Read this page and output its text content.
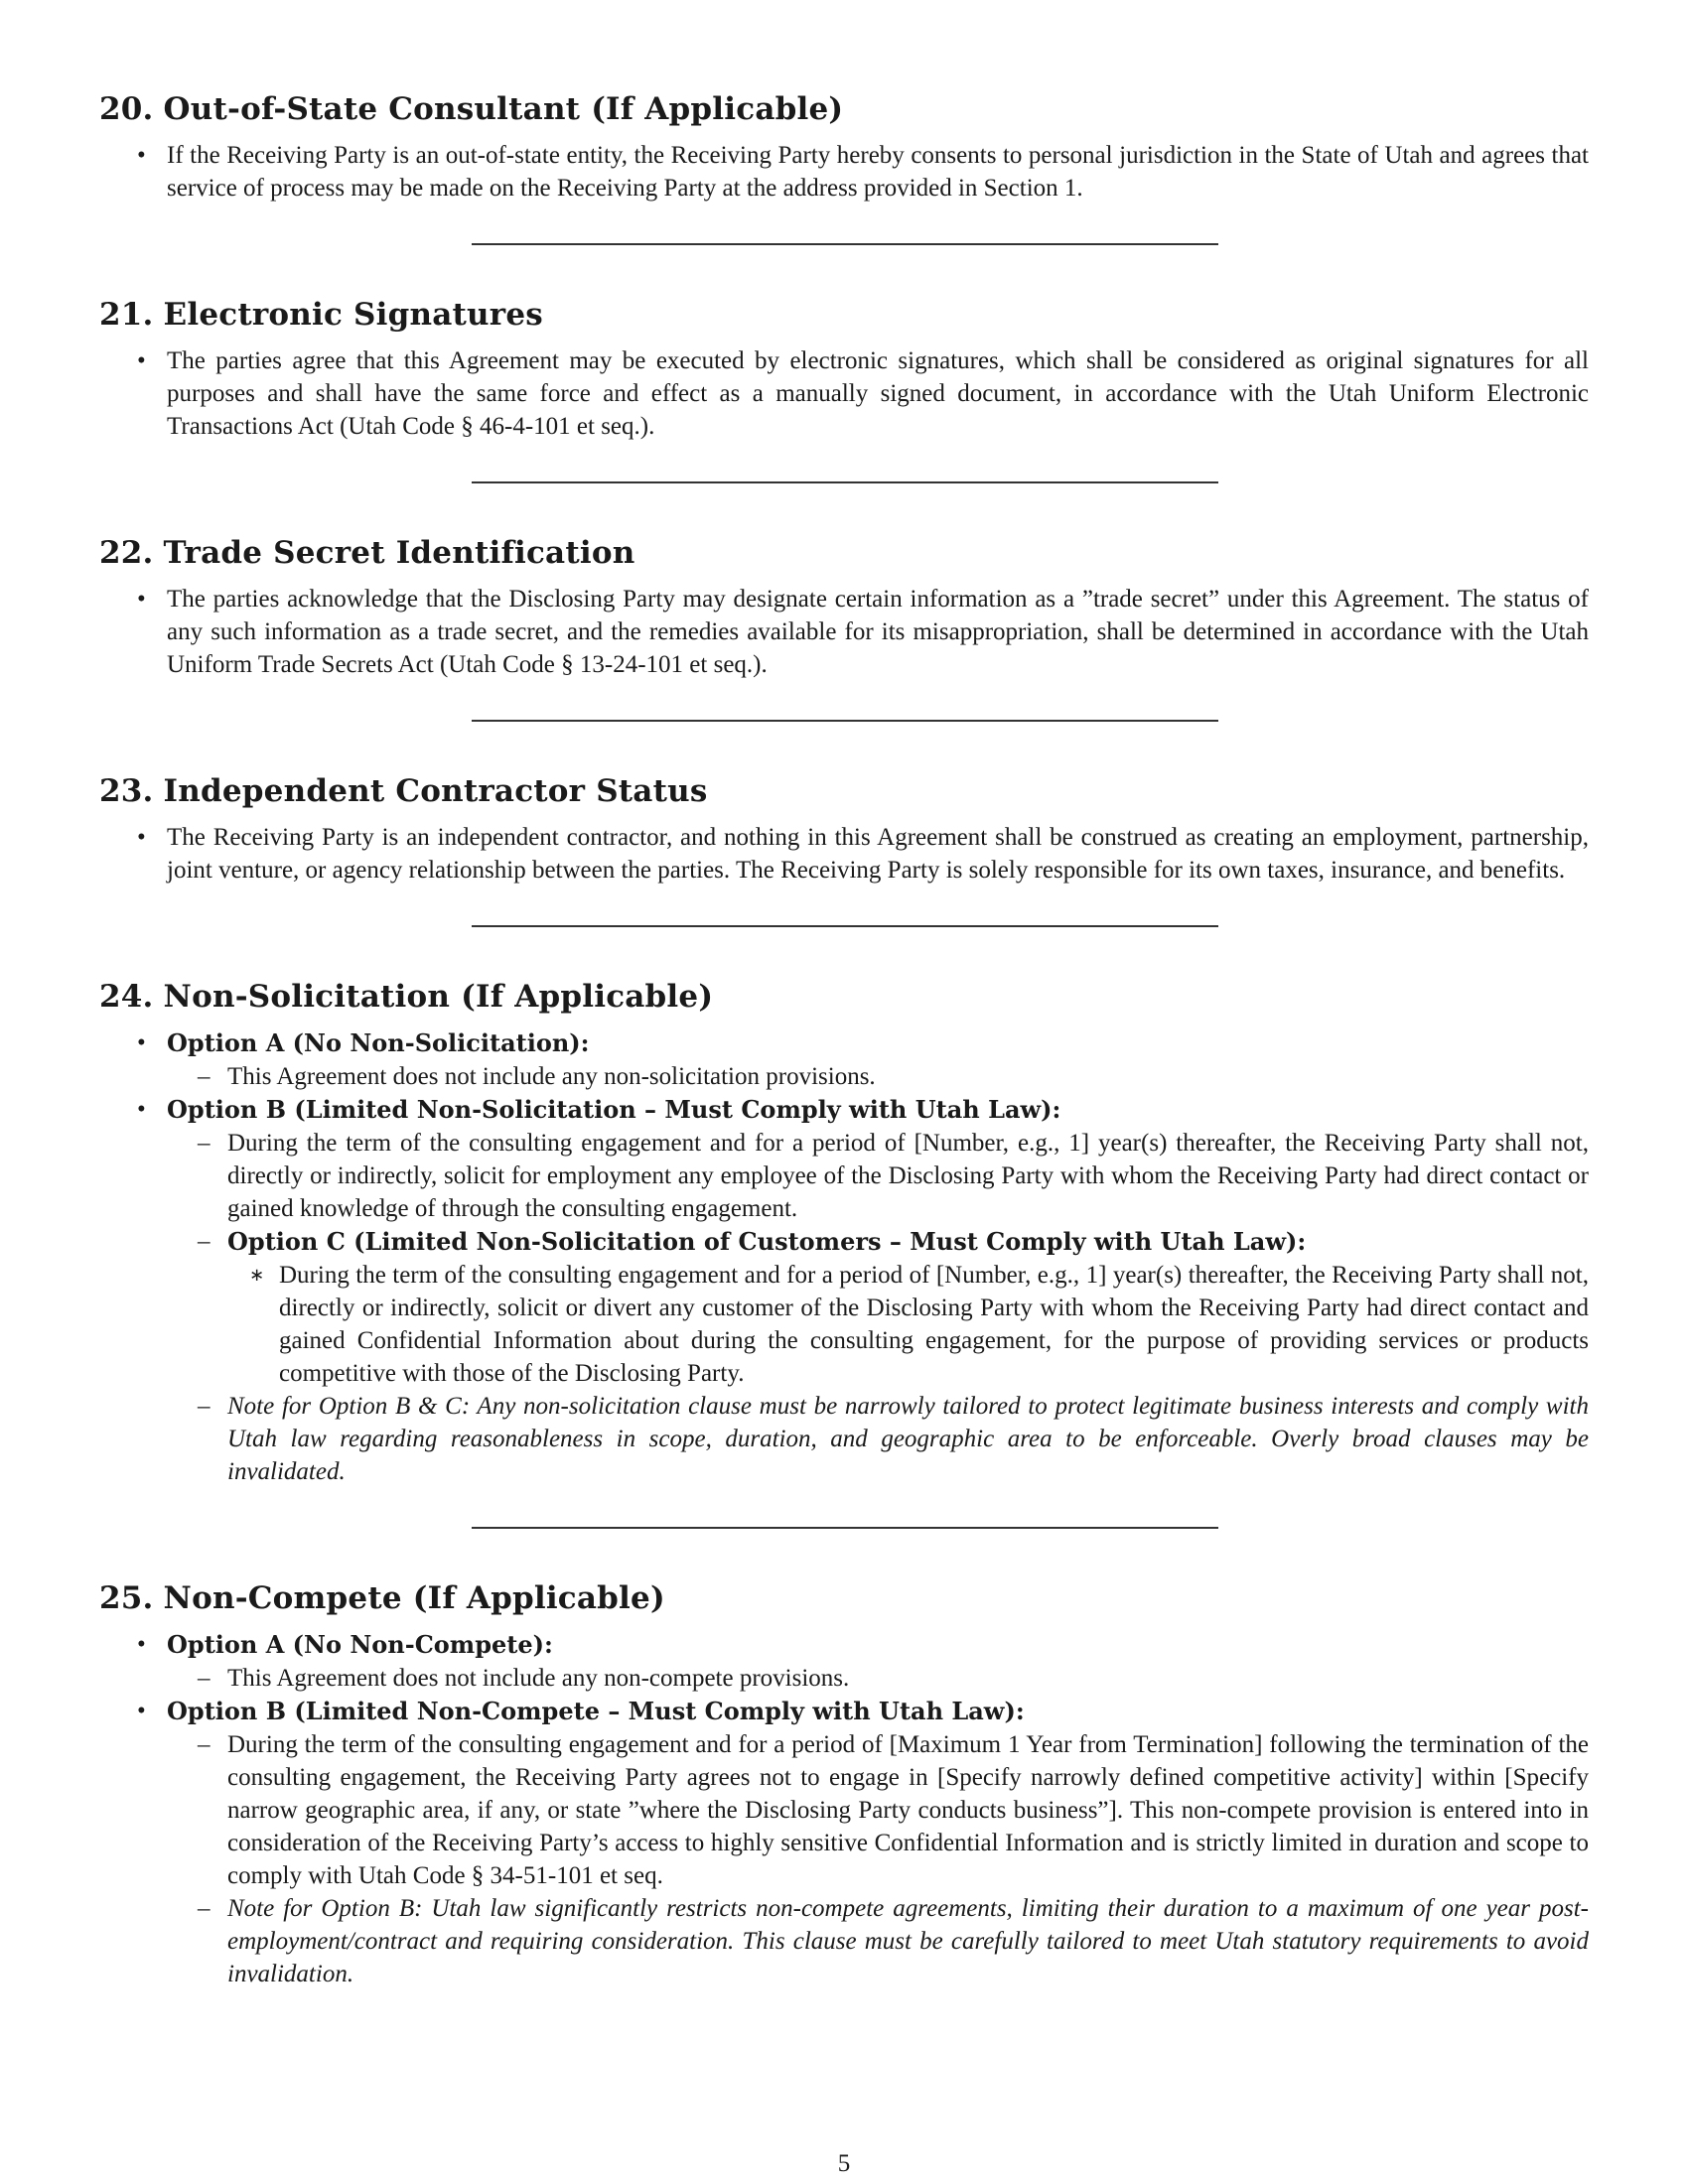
20. Out-of-State Consultant (If Applicable)
• If the Receiving Party is an out-of-state entity, the Receiving Party hereby consents to personal jurisdiction in the State of Utah and agrees that service of process may be made on the Receiving Party at the address provided in Section 1.
21. Electronic Signatures
• The parties agree that this Agreement may be executed by electronic signatures, which shall be considered as original signatures for all purposes and shall have the same force and effect as a manually signed document, in accordance with the Utah Uniform Electronic Transactions Act (Utah Code § 46-4-101 et seq.).
22. Trade Secret Identification
• The parties acknowledge that the Disclosing Party may designate certain information as a ”trade secret” under this Agreement. The status of any such information as a trade secret, and the remedies available for its misappropriation, shall be determined in accordance with the Utah Uniform Trade Secrets Act (Utah Code § 13-24-101 et seq.).
23. Independent Contractor Status
• The Receiving Party is an independent contractor, and nothing in this Agreement shall be construed as creating an employment, partnership, joint venture, or agency relationship between the parties. The Receiving Party is solely responsible for its own taxes, insurance, and benefits.
24. Non-Solicitation (If Applicable)
• Option A (No Non-Solicitation):
– This Agreement does not include any non-solicitation provisions.
• Option B (Limited Non-Solicitation – Must Comply with Utah Law):
– During the term of the consulting engagement and for a period of [Number, e.g., 1] year(s) thereafter, the Receiving Party shall not, directly or indirectly, solicit for employment any employee of the Disclosing Party with whom the Receiving Party had direct contact or gained knowledge of through the consulting engagement.
– Option C (Limited Non-Solicitation of Customers – Must Comply with Utah Law):
∗ During the term of the consulting engagement and for a period of [Number, e.g., 1] year(s) thereafter, the Receiving Party shall not, directly or indirectly, solicit or divert any customer of the Disclosing Party with whom the Receiving Party had direct contact and gained Confidential Information about during the consulting engagement, for the purpose of providing services or products competitive with those of the Disclosing Party.
– Note for Option B & C: Any non-solicitation clause must be narrowly tailored to protect legitimate business interests and comply with Utah law regarding reasonableness in scope, duration, and geographic area to be enforceable. Overly broad clauses may be invalidated.
25. Non-Compete (If Applicable)
• Option A (No Non-Compete):
– This Agreement does not include any non-compete provisions.
• Option B (Limited Non-Compete – Must Comply with Utah Law):
– During the term of the consulting engagement and for a period of [Maximum 1 Year from Termination] following the termination of the consulting engagement, the Receiving Party agrees not to engage in [Specify narrowly defined competitive activity] within [Specify narrow geographic area, if any, or state ”where the Disclosing Party conducts business”]. This non-compete provision is entered into in consideration of the Receiving Party’s access to highly sensitive Confidential Information and is strictly limited in duration and scope to comply with Utah Code § 34-51-101 et seq.
– Note for Option B: Utah law significantly restricts non-compete agreements, limiting their duration to a maximum of one year post-employment/contract and requiring consideration. This clause must be carefully tailored to meet Utah statutory requirements to avoid invalidation.
5
